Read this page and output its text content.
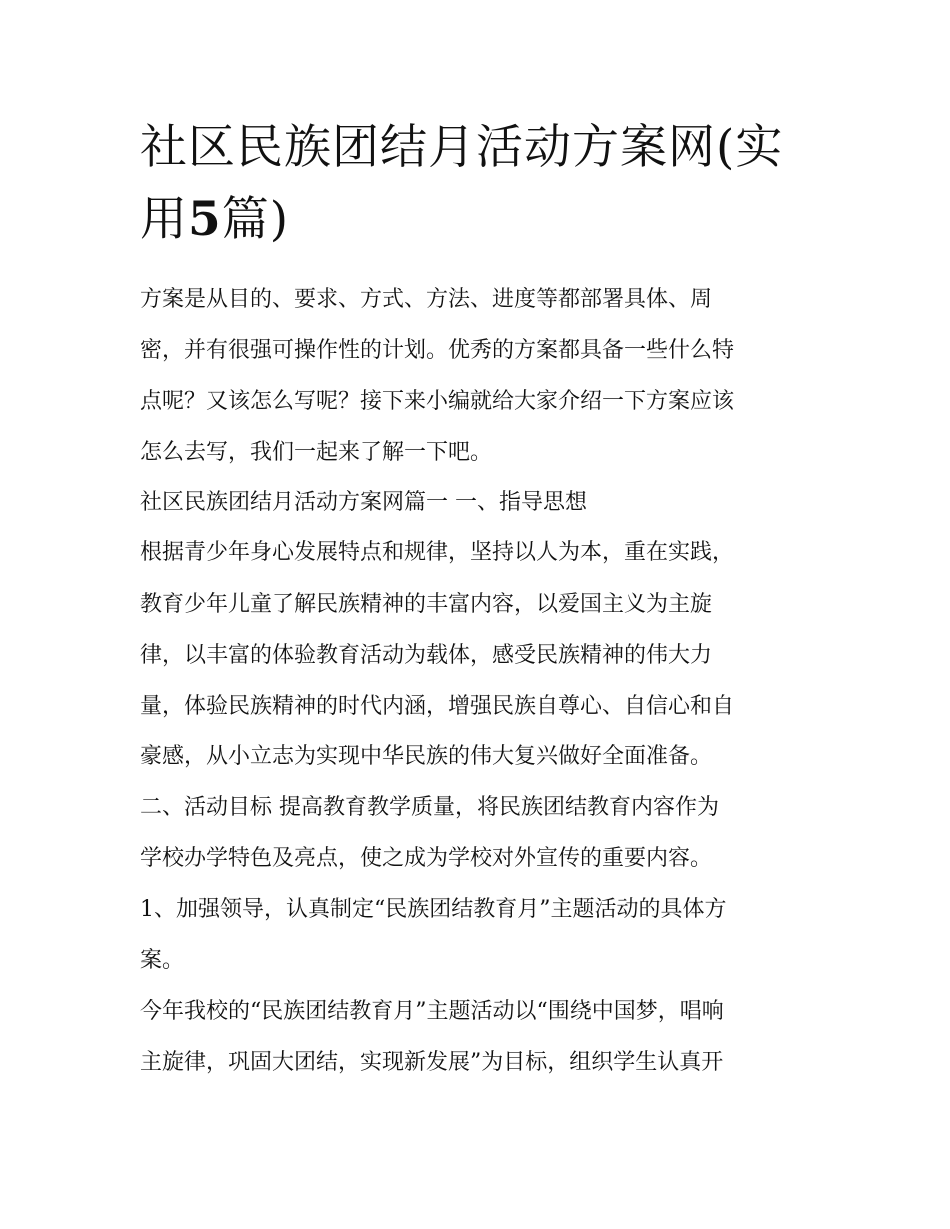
社区民族团结月活动方案网(实
用5篇)

方案是从目的、要求、方式、方法、进度等都部署具体、周

密，并有很强可操作性的计划。优秀的方案都具备一些什么特

点呢？又该怎么写呢？接下来小编就给大家介绍一下方案应该

怎么去写，我们一起来了解一下吧。

社区民族团结月活动方案网篇一 一、指导思想

根据青少年身心发展特点和规律，坚持以人为本，重在实践，

教育少年儿童了解民族精神的丰富内容，以爱国主义为主旋

律，以丰富的体验教育活动为载体，感受民族精神的伟大力

量，体验民族精神的时代内涵，增强民族自尊心、自信心和自

豪感，从小立志为实现中华民族的伟大复兴做好全面准备。

二、活动目标 提高教育教学质量，将民族团结教育内容作为

学校办学特色及亮点，使之成为学校对外宣传的重要内容。

1、加强领导，认真制定“民族团结教育月”主题活动的具体方

案。

今年我校的“民族团结教育月”主题活动以“围绕中国梦，唱响

主旋律，巩固大团结，实现新发展”为目标，组织学生认真开
